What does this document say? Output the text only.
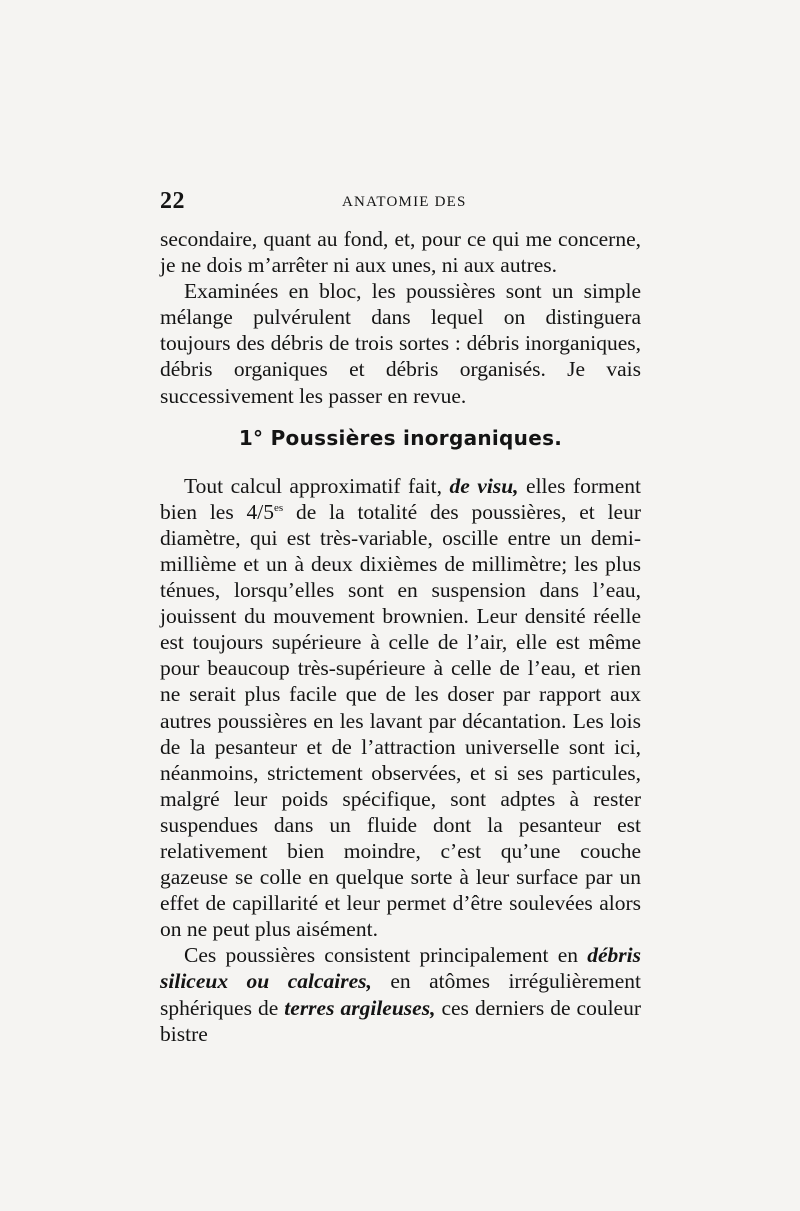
22	ANATOMIE DES

secondaire, quant au fond, et, pour ce qui me concerne, je ne dois m’arrêter ni aux unes, ni aux autres.

Examinées en bloc, les poussières sont un simple mélange pulvérulent dans lequel on distinguera toujours des débris de trois sortes : débris inorganiques, débris organiques et débris organisés. Je vais successivement les passer en revue.

1° Poussières inorganiques.

Tout calcul approximatif fait, de visu, elles forment bien les $4/5^{es}$ de la totalité des poussières, et leur diamètre, qui est très-variable, oscille entre un demi-millième et un à deux dixièmes de millimètre; les plus ténues, lorsqu’elles sont en suspension dans l’eau, jouissent du mouvement brownien. Leur densité réelle est toujours supérieure à celle de l’air, elle est même pour beaucoup très-supérieure à celle de l’eau, et rien ne serait plus facile que de les doser par rapport aux autres poussières en les lavant par décantation. Les lois de la pesanteur et de l’attraction universelle sont ici, néanmoins, strictement observées, et si ses particules, malgré leur poids spécifique, sont adptes à rester suspendues dans un fluide dont la pesanteur est relativement bien moindre, c’est qu’une couche gazeuse se colle en quelque sorte à leur surface par un effet de capillarité et leur permet d’être soulevées alors on ne peut plus aisément.

Ces poussières consistent principalement en débris siliceux ou calcaires, en atômes irrégulièrement sphériques de terres argileuses, ces derniers de couleur bistre
